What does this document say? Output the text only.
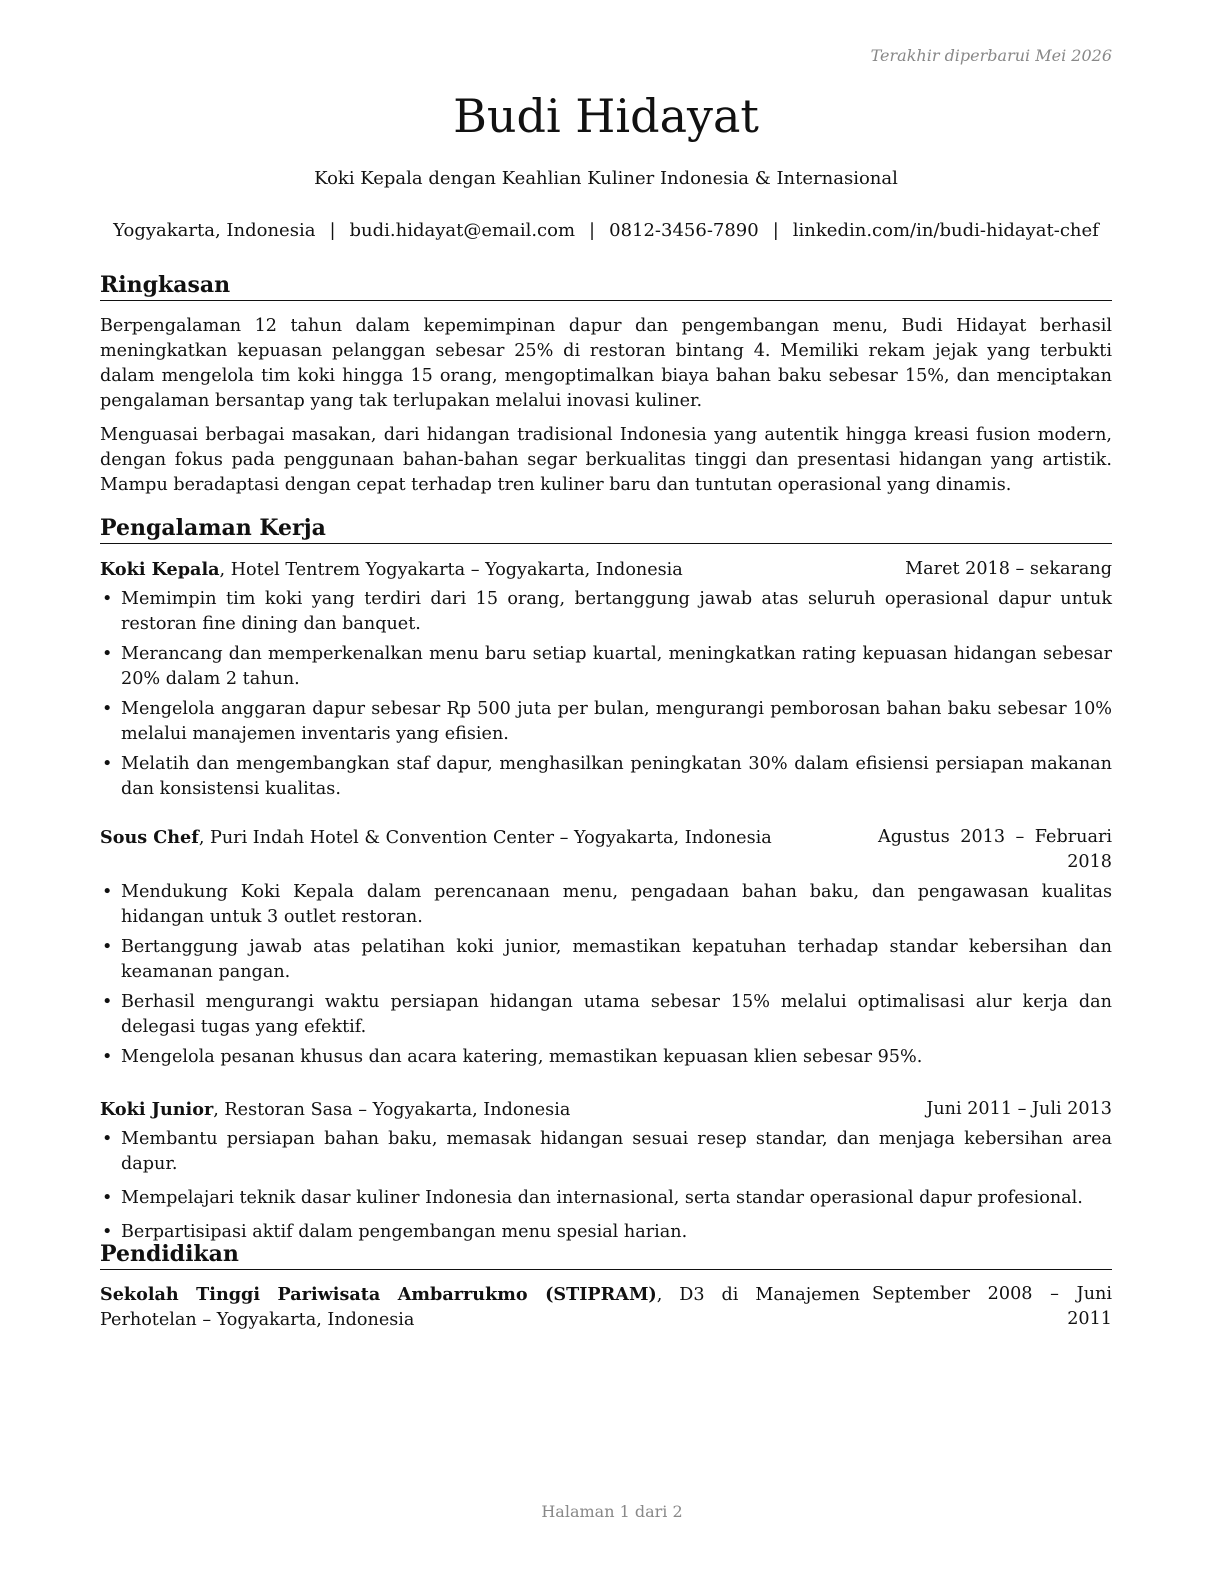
Terakhir diperbarui Mei 2026
Budi Hidayat
Koki Kepala dengan Keahlian Kuliner Indonesia & Internasional
Yogyakarta, Indonesia | budi.hidayat@email.com | 0812-3456-7890 | linkedin.com/in/budi-hidayat-chef
Ringkasan

Berpengalaman 12 tahun dalam kepemimpinan dapur dan pengembangan menu, Budi Hidayat berhasil meningkatkan kepuasan pelanggan sebesar 25% di restoran bintang 4. Memiliki rekam jejak yang terbukti dalam mengelola tim koki hingga 15 orang, mengoptimalkan biaya bahan baku sebesar 15%, dan menciptakan pengalaman bersantap yang tak terlupakan melalui inovasi kuliner.

Menguasai berbagai masakan, dari hidangan tradisional Indonesia yang autentik hingga kreasi fusion modern, dengan fokus pada penggunaan bahan-bahan segar berkualitas tinggi dan presentasi hidangan yang artistik. Mampu beradaptasi dengan cepat terhadap tren kuliner baru dan tuntutan operasional yang dinamis.

Pengalaman Kerja
Koki Kepala, Hotel Tentrem Yogyakarta – Yogyakarta, Indonesia	Maret 2018 – sekarang
• Memimpin tim koki yang terdiri dari 15 orang, bertanggung jawab atas seluruh operasional dapur untuk restoran fine dining dan banquet.
• Merancang dan memperkenalkan menu baru setiap kuartal, meningkatkan rating kepuasan hidangan sebesar 20% dalam 2 tahun.
• Mengelola anggaran dapur sebesar Rp 500 juta per bulan, mengurangi pemborosan bahan baku sebesar 10% melalui manajemen inventaris yang efisien.
• Melatih dan mengembangkan staf dapur, menghasilkan peningkatan 30% dalam efisiensi persiapan makanan dan konsistensi kualitas.
Sous Chef, Puri Indah Hotel & Convention Center – Yogyakarta, Indonesia	Agustus 2013 – Februari 2018
• Mendukung Koki Kepala dalam perencanaan menu, pengadaan bahan baku, dan pengawasan kualitas hidangan untuk 3 outlet restoran.
• Bertanggung jawab atas pelatihan koki junior, memastikan kepatuhan terhadap standar kebersihan dan keamanan pangan.
• Berhasil mengurangi waktu persiapan hidangan utama sebesar 15% melalui optimalisasi alur kerja dan delegasi tugas yang efektif.
• Mengelola pesanan khusus dan acara katering, memastikan kepuasan klien sebesar 95%.
Koki Junior, Restoran Sasa – Yogyakarta, Indonesia	Juni 2011 – Juli 2013
• Membantu persiapan bahan baku, memasak hidangan sesuai resep standar, dan menjaga kebersihan area dapur.
• Mempelajari teknik dasar kuliner Indonesia dan internasional, serta standar operasional dapur profesional.
• Berpartisipasi aktif dalam pengembangan menu spesial harian.
Pendidikan
Sekolah Tinggi Pariwisata Ambarrukmo (STIPRAM), D3 di Manajemen Perhotelan – Yogyakarta, Indonesia
September 2008 – Juni 2011
Halaman 1 dari 2
